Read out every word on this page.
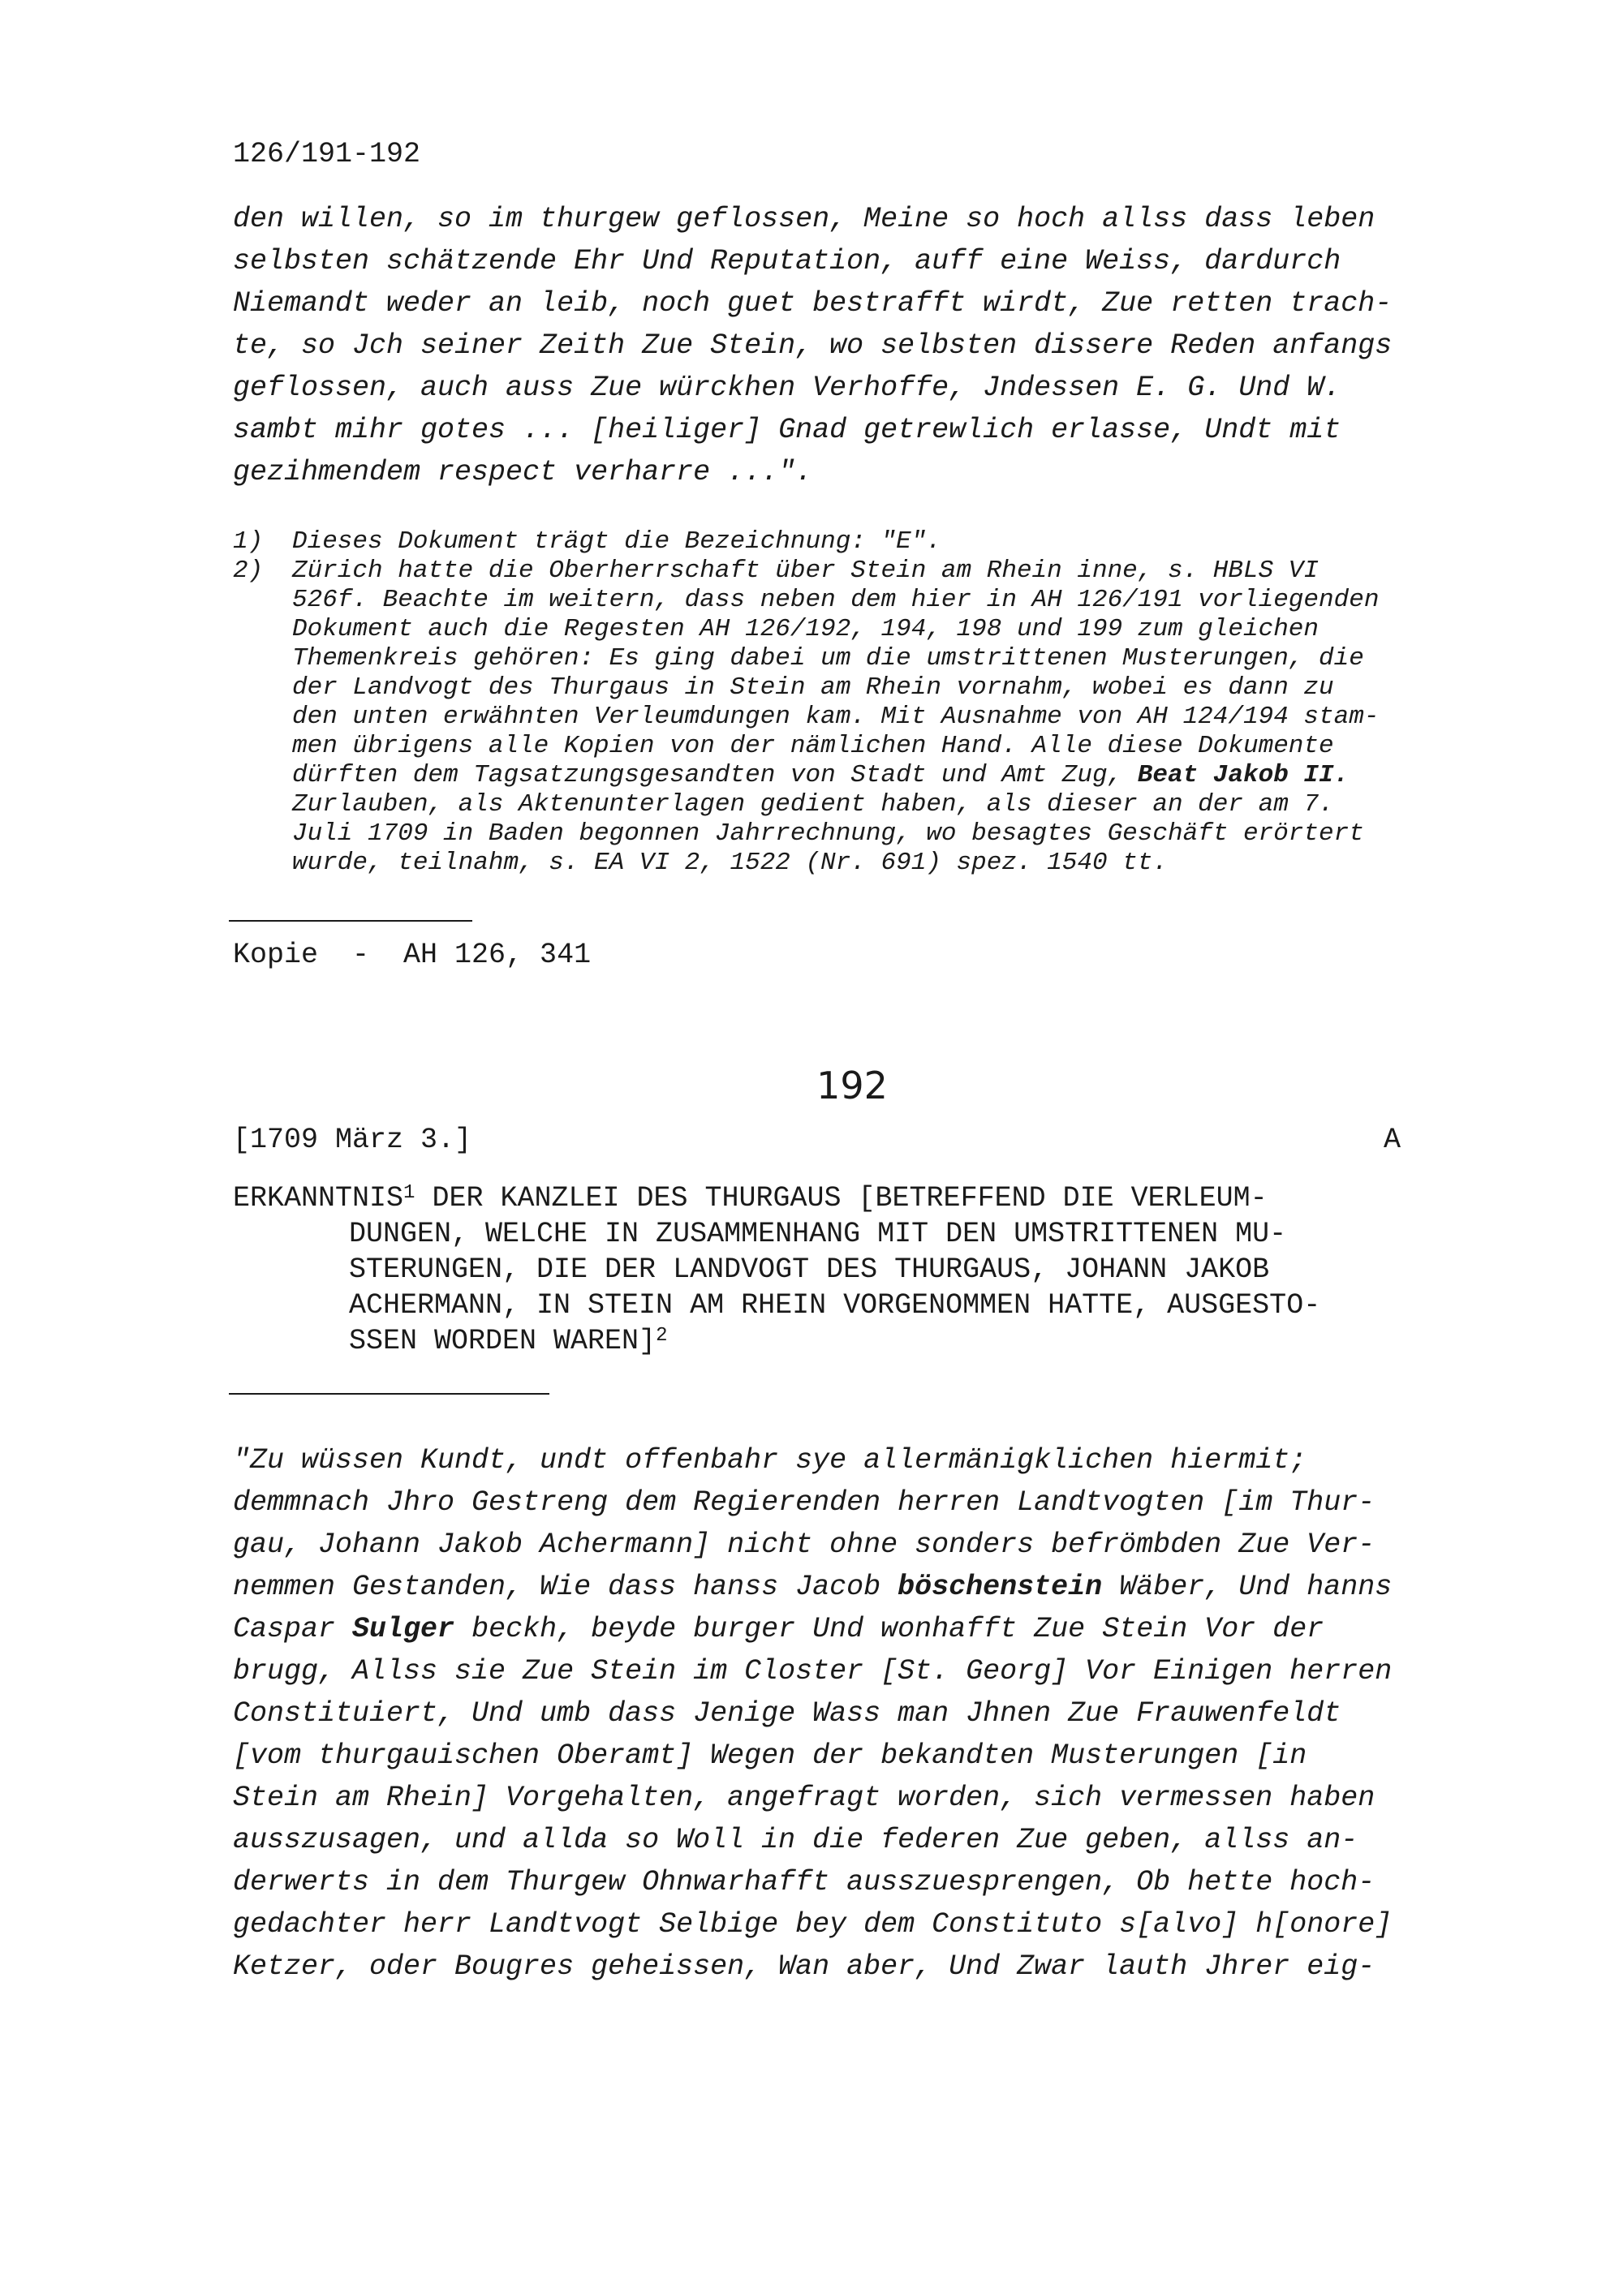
126/191-192
den willen, so im thurgew geflossen, Meine so hoch allss dass leben
selbsten schätzende Ehr Und Reputation, auff eine Weiss, dardurch
Niemandt weder an leib, noch guet bestrafft wirdt, Zue retten trach-
te, so Jch seiner Zeith Zue Stein, wo selbsten dissere Reden anfangs
geflossen, auch auss Zue würckhen Verhoffe, Jndessen E. G. Und W.
sambt mihr gotes ... [heiliger] Gnad getrewlich erlasse, Undt mit
gezihmendem respect verharre ...".
1) Dieses Dokument trägt die Bezeichnung: "E".
2) Zürich hatte die Oberherrschaft über Stein am Rhein inne, s. HBLS VI
526f. Beachte im weitern, dass neben dem hier in AH 126/191 vorliegenden
Dokument auch die Regesten AH 126/192, 194, 198 und 199 zum gleichen
Themenkreis gehören: Es ging dabei um die umstrittenen Musterungen, die
der Landvogt des Thurgaus in Stein am Rhein vornahm, wobei es dann zu
den unten erwähnten Verleumdungen kam. Mit Ausnahme von AH 124/194 stam-
men übrigens alle Kopien von der nämlichen Hand. Alle diese Dokumente
dürften dem Tagsatzungsgesandten von Stadt und Amt Zug, Beat Jakob II.
Zurlauben, als Aktenunterlagen gedient haben, als dieser an der am 7.
Juli 1709 in Baden begonnen Jahrrechnung, wo besagtes Geschäft erörtert
wurde, teilnahm, s. EA VI 2, 1522 (Nr. 691) spez. 1540 tt.
Kopie  -  AH 126, 341
192
[1709 März 3.]	A
ERKANNTNIS$^1$ DER KANZLEI DES THURGAUS [BETREFFEND DIE VERLEUM-
DUNGEN, WELCHE IN ZUSAMMENHANG MIT DEN UMSTRITTENEN MU-
STERUNGEN, DIE DER LANDVOGT DES THURGAUS, JOHANN JAKOB
ACHERMANN, IN STEIN AM RHEIN VORGENOMMEN HATTE, AUSGESTO-
SSEN WORDEN WAREN]$^2$
"Zu wüssen Kundt, undt offenbahr sye allermänigklichen hiermit;
demmnach Jhro Gestreng dem Regierenden herren Landtvogten [im Thur-
gau, Johann Jakob Achermann] nicht ohne sonders befrömbden Zue Ver-
nemmen Gestanden, Wie dass hanss Jacob böschenstein Wäber, Und hanns
Caspar Sulger beckh, beyde burger Und wonhafft Zue Stein Vor der
brugg, Allss sie Zue Stein im Closter [St. Georg] Vor Einigen herren
Constituiert, Und umb dass Jenige Wass man Jhnen Zue Frauwenfeldt
[vom thurgauischen Oberamt] Wegen der bekandten Musterungen [in
Stein am Rhein] Vorgehalten, angefragt worden, sich vermessen haben
ausszusagen, und allda so Woll in die federen Zue geben, allss an-
derwerts in dem Thurgew Ohnwarhafft ausszuesprengen, Ob hette hoch-
gedachter herr Landtvogt Selbige bey dem Constituto s[alvo] h[onore]
Ketzer, oder Bougres geheissen, Wan aber, Und Zwar lauth Jhrer eig-
